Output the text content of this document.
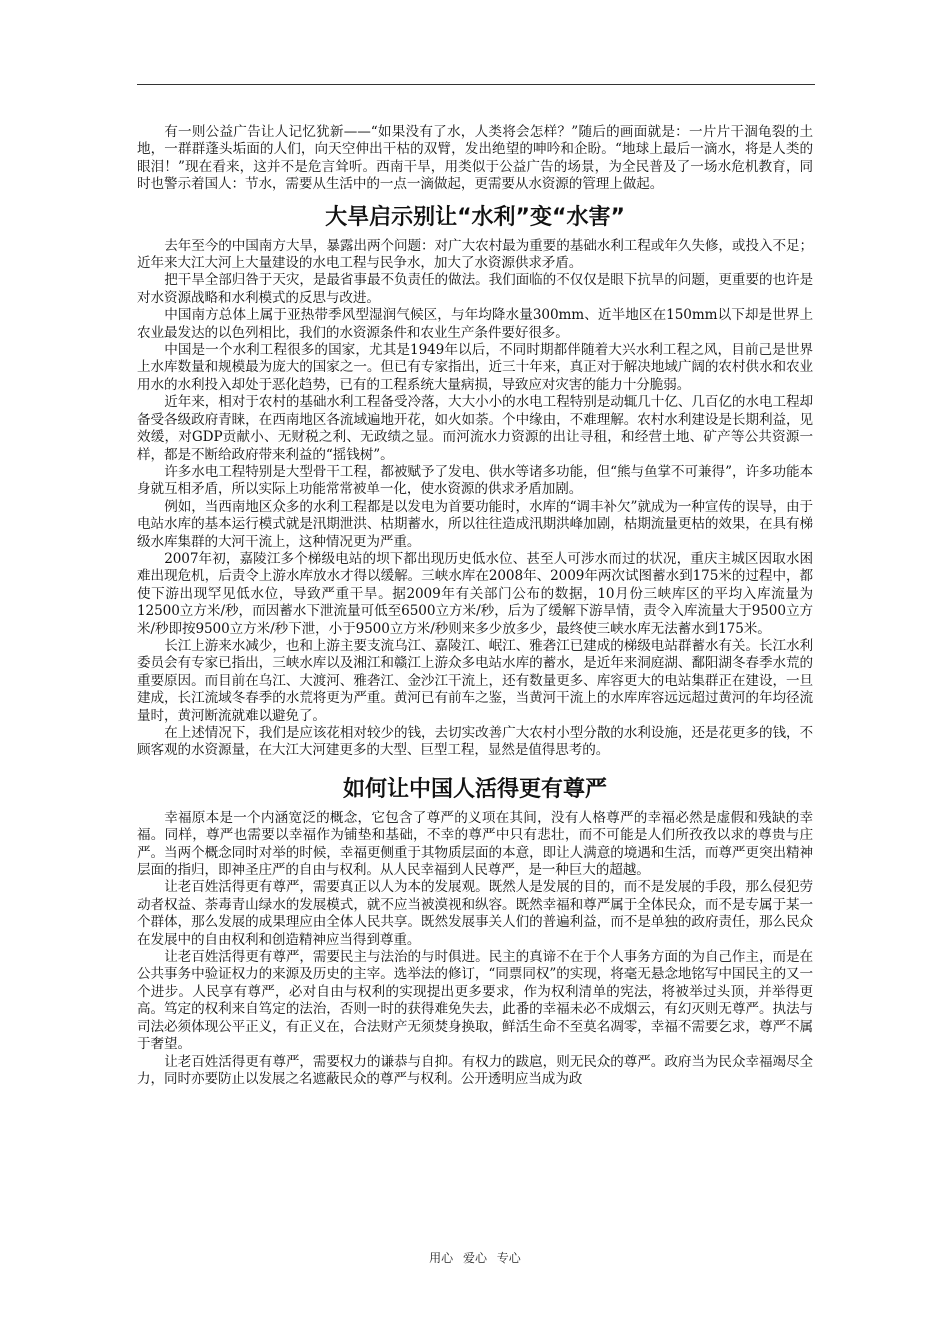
有一则公益广告让人记忆犹新——“如果没有了水，人类将会怎样？”随后的画面就是：一片片干涸龟裂的土地，一群群蓬头垢面的人们，向天空伸出干枯的双臂，发出绝望的呻吟和企盼。“地球上最后一滴水，将是人类的眼泪！”现在看来，这并不是危言耸听。西南干旱，用类似于公益广告的场景，为全民普及了一场水危机教育，同时也警示着国人：节水，需要从生活中的一点一滴做起，更需要从水资源的管理上做起。

大旱启示别让“水利”变“水害”

去年至今的中国南方大旱，暴露出两个问题：对广大农村最为重要的基础水利工程或年久失修，或投入不足；近年来大江大河上大量建设的水电工程与民争水，加大了水资源供求矛盾。

把干旱全部归咎于天灾，是最省事最不负责任的做法。我们面临的不仅仅是眼下抗旱的问题，更重要的也许是对水资源战略和水利模式的反思与改进。

中国南方总体上属于亚热带季风型湿润气候区，与年均降水量300mm、近半地区在150mm以下却是世界上农业最发达的以色列相比，我们的水资源条件和农业生产条件要好很多。

中国是一个水利工程很多的国家，尤其是1949年以后，不同时期都伴随着大兴水利工程之风，目前己是世界上水库数量和规模最为庞大的国家之一。但已有专家指出，近三十年来，真正对于解决地域广阔的农村供水和农业用水的水利投入却处于恶化趋势，已有的工程系统大量病损，导致应对灾害的能力十分脆弱。

近年来，相对于农村的基础水利工程备受冷落，大大小小的水电工程特别是动辄几十亿、几百亿的水电工程却备受各级政府青睐，在西南地区各流域遍地开花，如火如荼。个中缘由，不难理解。农村水利建设是长期利益，见效缓，对GDP贡献小、无财税之利、无政绩之显。而河流水力资源的出让寻租，和经营土地、矿产等公共资源一样，都是不断给政府带来利益的“摇钱树”。

许多水电工程特别是大型骨干工程，都被赋予了发电、供水等诸多功能，但“熊与鱼掌不可兼得”，许多功能本身就互相矛盾，所以实际上功能常常被单一化，使水资源的供求矛盾加剧。

例如，当西南地区众多的水利工程都是以发电为首要功能时，水库的“调丰补欠”就成为一种宣传的误导，由于电站水库的基本运行模式就是汛期泄洪、枯期蓄水，所以往往造成汛期洪峰加剧，枯期流量更枯的效果，在具有梯级水库集群的大河干流上，这种情况更为严重。

2007年初，嘉陵江多个梯级电站的坝下都出现历史低水位、甚至人可涉水而过的状况，重庆主城区因取水困难出现危机，后责令上游水库放水才得以缓解。三峡水库在2008年、2009年两次试图蓄水到175米的过程中，都使下游出现罕见低水位，导致严重干旱。据2009年有关部门公布的数据，10月份三峡库区的平均入库流量为12500立方米/秒，而因蓄水下泄流量可低至6500立方米/秒，后为了缓解下游旱情，责令入库流量大于9500立方米/秒即按9500立方米/秒下泄，小于9500立方米/秒则来多少放多少，最终使三峡水库无法蓄水到175米。

长江上游来水减少，也和上游主要支流乌江、嘉陵江、岷江、雅砻江已建成的梯级电站群蓄水有关。长江水利委员会有专家已指出，三峡水库以及湘江和赣江上游众多电站水库的蓄水，是近年来洞庭湖、鄱阳湖冬春季水荒的重要原因。而目前在乌江、大渡河、雅砻江、金沙江干流上，还有数量更多、库容更大的电站集群正在建设，一旦建成，长江流域冬春季的水荒将更为严重。黄河已有前车之鉴，当黄河干流上的水库库容远远超过黄河的年均径流量时，黄河断流就难以避免了。

在上述情况下，我们是应该花相对较少的钱，去切实改善广大农村小型分散的水利设施，还是花更多的钱，不顾客观的水资源量，在大江大河建更多的大型、巨型工程，显然是值得思考的。

如何让中国人活得更有尊严

幸福原本是一个内涵宽泛的概念，它包含了尊严的义项在其间，没有人格尊严的幸福必然是虚假和残缺的幸福。同样，尊严也需要以幸福作为铺垫和基础，不幸的尊严中只有悲壮，而不可能是人们所孜孜以求的尊贵与庄严。当两个概念同时对举的时候，幸福更侧重于其物质层面的本意，即让人满意的境遇和生活，而尊严更突出精神层面的指归，即神圣庄严的自由与权利。从人民幸福到人民尊严，是一种巨大的超越。

让老百姓活得更有尊严，需要真正以人为本的发展观。既然人是发展的目的，而不是发展的手段，那么侵犯劳动者权益、荼毒青山绿水的发展模式，就不应当被漠视和纵容。既然幸福和尊严属于全体民众，而不是专属于某一个群体，那么发展的成果理应由全体人民共享。既然发展事关人们的普遍利益，而不是单独的政府责任，那么民众在发展中的自由权利和创造精神应当得到尊重。

让老百姓活得更有尊严，需要民主与法治的与时俱进。民主的真谛不在于个人事务方面的为自己作主，而是在公共事务中验证权力的来源及历史的主宰。选举法的修订，“同票同权”的实现，将毫无悬念地铭写中国民主的又一个进步。人民享有尊严，必对自由与权利的实现提出更多要求，作为权利清单的宪法，将被举过头顶，并举得更高。笃定的权利来自笃定的法治，否则一时的获得难免失去，此番的幸福未必不成烟云，有幻灭则无尊严。执法与司法必须体现公平正义，有正义在，合法财产无须焚身换取，鲜活生命不至莫名凋零，幸福不需要乞求，尊严不属于奢望。

让老百姓活得更有尊严，需要权力的谦恭与自抑。有权力的跋扈，则无民众的尊严。政府当为民众幸福竭尽全力，同时亦要防止以发展之名遮蔽民众的尊严与权利。公开透明应当成为政

用心 爱心 专心
